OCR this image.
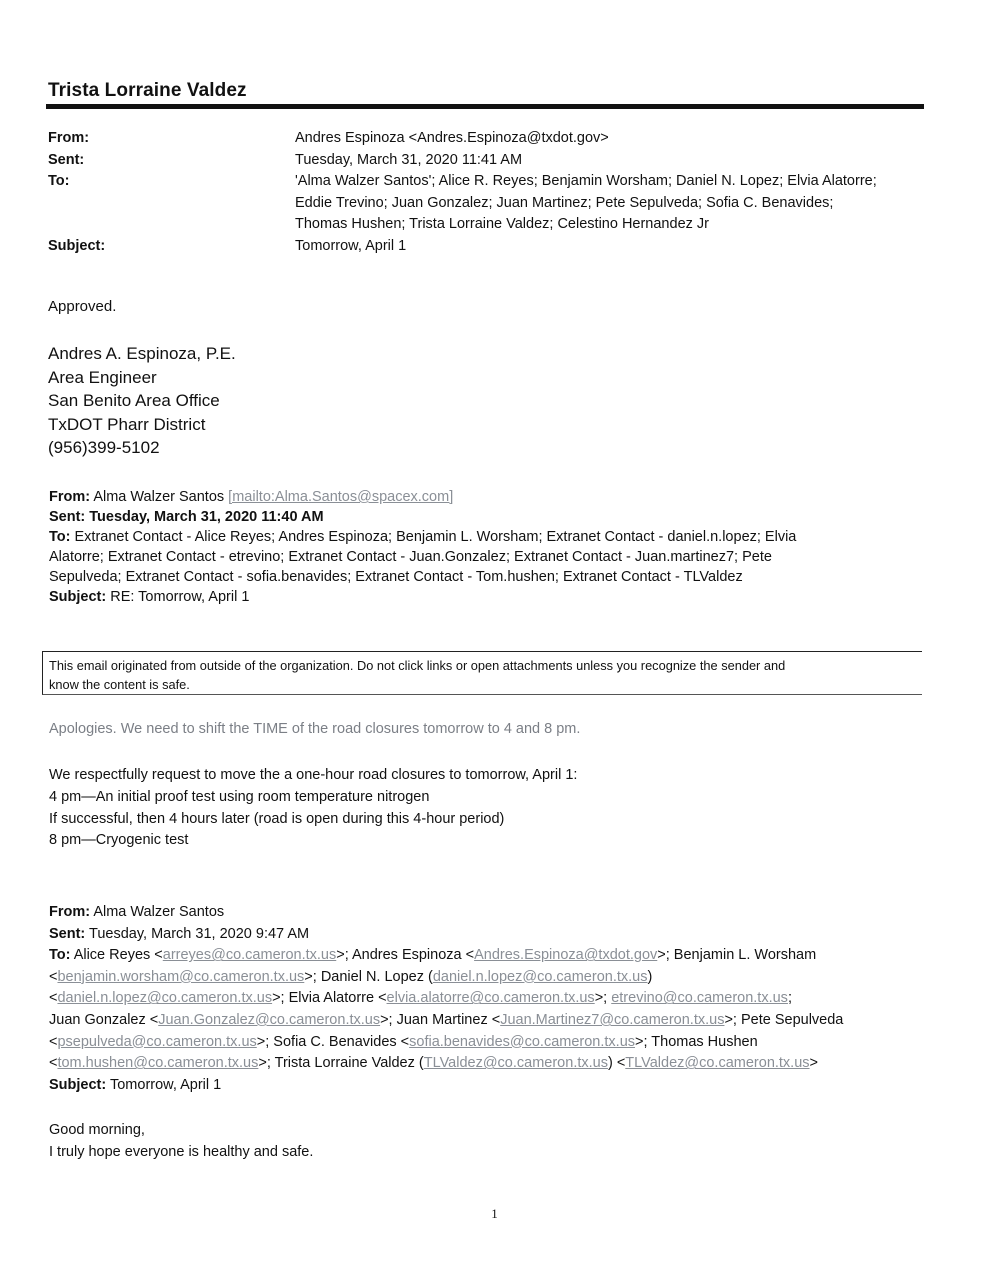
Trista Lorraine Valdez
From:	Andres Espinoza <Andres.Espinoza@txdot.gov>
Sent:	Tuesday, March 31, 2020 11:41 AM
To:	'Alma Walzer Santos'; Alice R. Reyes; Benjamin Worsham; Daniel N. Lopez; Elvia Alatorre;
Eddie Trevino; Juan Gonzalez; Juan Martinez; Pete Sepulveda; Sofia C. Benavides;
Thomas Hushen; Trista Lorraine Valdez; Celestino Hernandez Jr
Subject:	Tomorrow, April 1
Approved.
Andres A. Espinoza, P.E.
Area Engineer
San Benito Area Office
TxDOT Pharr District
(956)399-5102
From: Alma Walzer Santos [mailto:Alma.Santos@spacex.com]
Sent: Tuesday, March 31, 2020 11:40 AM
To: Extranet Contact - Alice Reyes; Andres Espinoza; Benjamin L. Worsham; Extranet Contact - daniel.n.lopez; Elvia
Alatorre; Extranet Contact - etrevino; Extranet Contact - Juan.Gonzalez; Extranet Contact - Juan.martinez7; Pete
Sepulveda; Extranet Contact - sofia.benavides; Extranet Contact - Tom.hushen; Extranet Contact - TLValdez
Subject: RE: Tomorrow, April 1
This email originated from outside of the organization. Do not click links or open attachments unless you recognize the sender and
know the content is safe.
Apologies. We need to shift the TIME of the road closures tomorrow to 4 and 8 pm.
We respectfully request to move the a one-hour road closures to tomorrow, April 1:
4 pm—An initial proof test using room temperature nitrogen
If successful, then 4 hours later (road is open during this 4-hour period)
8 pm—Cryogenic test
From: Alma Walzer Santos
Sent: Tuesday, March 31, 2020 9:47 AM
To: Alice Reyes <arreyes@co.cameron.tx.us>; Andres Espinoza <Andres.Espinoza@txdot.gov>; Benjamin L. Worsham
<benjamin.worsham@co.cameron.tx.us>; Daniel N. Lopez (daniel.n.lopez@co.cameron.tx.us)
<daniel.n.lopez@co.cameron.tx.us>; Elvia Alatorre <elvia.alatorre@co.cameron.tx.us>; etrevino@co.cameron.tx.us;
Juan Gonzalez <Juan.Gonzalez@co.cameron.tx.us>; Juan Martinez <Juan.Martinez7@co.cameron.tx.us>; Pete Sepulveda
<psepulveda@co.cameron.tx.us>; Sofia C. Benavides <sofia.benavides@co.cameron.tx.us>; Thomas Hushen
<tom.hushen@co.cameron.tx.us>; Trista Lorraine Valdez (TLValdez@co.cameron.tx.us) <TLValdez@co.cameron.tx.us>
Subject: Tomorrow, April 1
Good morning,
I truly hope everyone is healthy and safe.
1
